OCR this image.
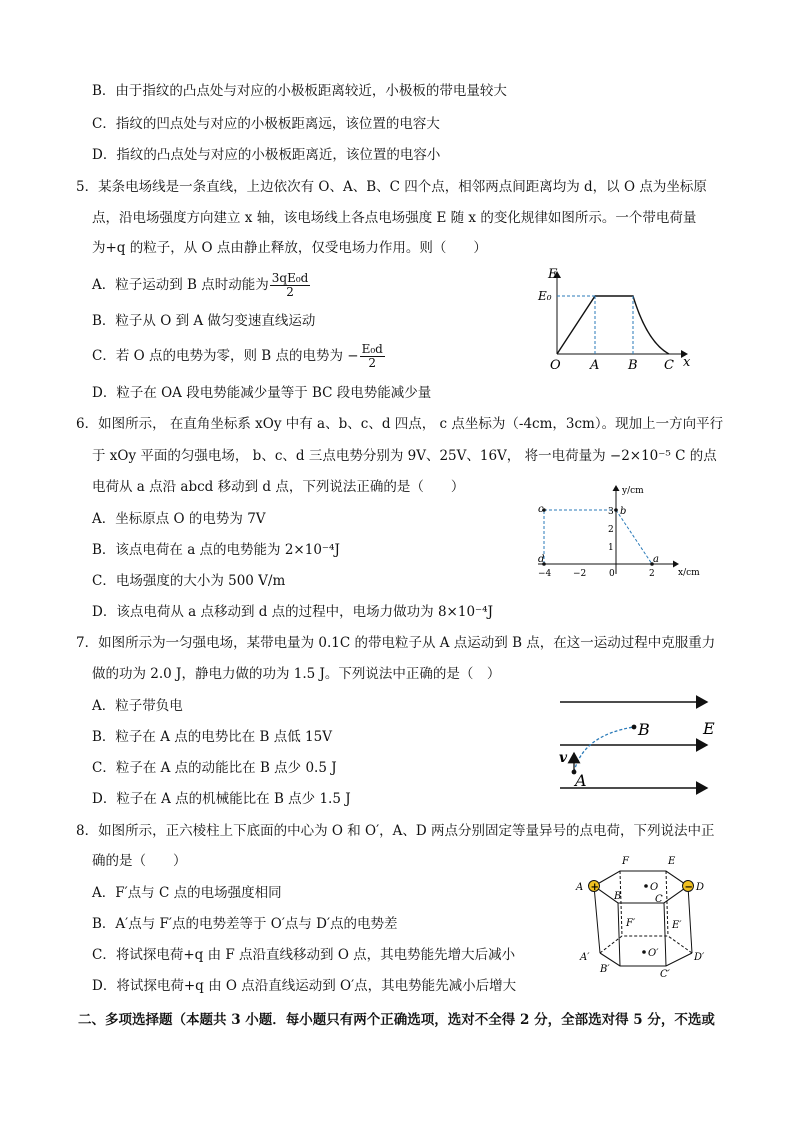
B．由于指纹的凸点处与对应的小极板距离较近，小极板的带电量较大
C．指纹的凹点处与对应的小极板距离远，该位置的电容大
D．指纹的凸点处与对应的小极板距离近，该位置的电容小
5．某条电场线是一条直线，上边依次有 O、A、B、C 四个点，相邻两点间距离均为 d，以 O 点为坐标原
点，沿电场强度方向建立 x 轴，该电场线上各点电场强度 E 随 x 的变化规律如图所示。一个带电荷量
为+q 的粒子，从 O 点由静止释放，仅受电场力作用。则（　　）
A．粒子运动到 B 点时动能为 $\frac{\text{3qE₀d}}{2}$
B．粒子从 O 到 A 做匀变速直线运动
C．若 O 点的电势为零，则 B 点的电势为 − $\frac{\text{E₀d}}{2}$
D．粒子在 OA 段电势能减少量等于 BC 段电势能减少量
E
E₀
O A B C x
6．如图所示， 在直角坐标系 xOy 中有 a、b、c、d 四点， c 点坐标为（-4cm，3cm）。现加上一方向平行
于 xOy 平面的匀强电场， b、c、d 三点电势分别为 9V、25V、16V， 将一电荷量为 −2×10⁻⁵ C 的点
电荷从 a 点沿 abcd 移动到 d 点，下列说法正确的是（　　）
A．坐标原点 O 的电势为 7V
B．该点电荷在 a 点的电势能为 2×10⁻⁴J
C．电场强度的大小为 500 V/m
D．该点电荷从 a 点移动到 d 点的过程中，电场力做功为 8×10⁻⁴J
y/cm
x/cm
c	b
a
d
3
2
1
−4 −2	0	2
7．如图所示为一匀强电场，某带电量为 0.1C 的带电粒子从 A 点运动到 B 点，在这一运动过程中克服重力
做的功为 2.0 J，静电力做的功为 1.5 J。下列说法中正确的是（　）
A．粒子带负电
B．粒子在 A 点的电势比在 B 点低 15V
C．粒子在 A 点的动能比在 B 点少 0.5 J
D．粒子在 A 点的机械能比在 B 点少 1.5 J
B	E
v
A
8．如图所示，正六棱柱上下底面的中心为 O 和 O′，A、D 两点分别固定等量异号的点电荷，下列说法中正
确的是（　　）
A．F′点与 C 点的电场强度相同
B．A′点与 F′点的电势差等于 O′点与 D′点的电势差
C．将试探电荷+q 由 F 点沿直线移动到 O 点，其电势能先增大后减小
D．将试探电荷+q 由 O 点沿直线运动到 O′点，其电势能先减小后增大
+	−
F	E
A
B
O
C
D
F′	E′
A′
B′
O′
C′
D′
二、多项选择题（本题共 3 小题．每小题只有两个正确选项，选对不全得 2 分，全部选对得 5 分，不选或
